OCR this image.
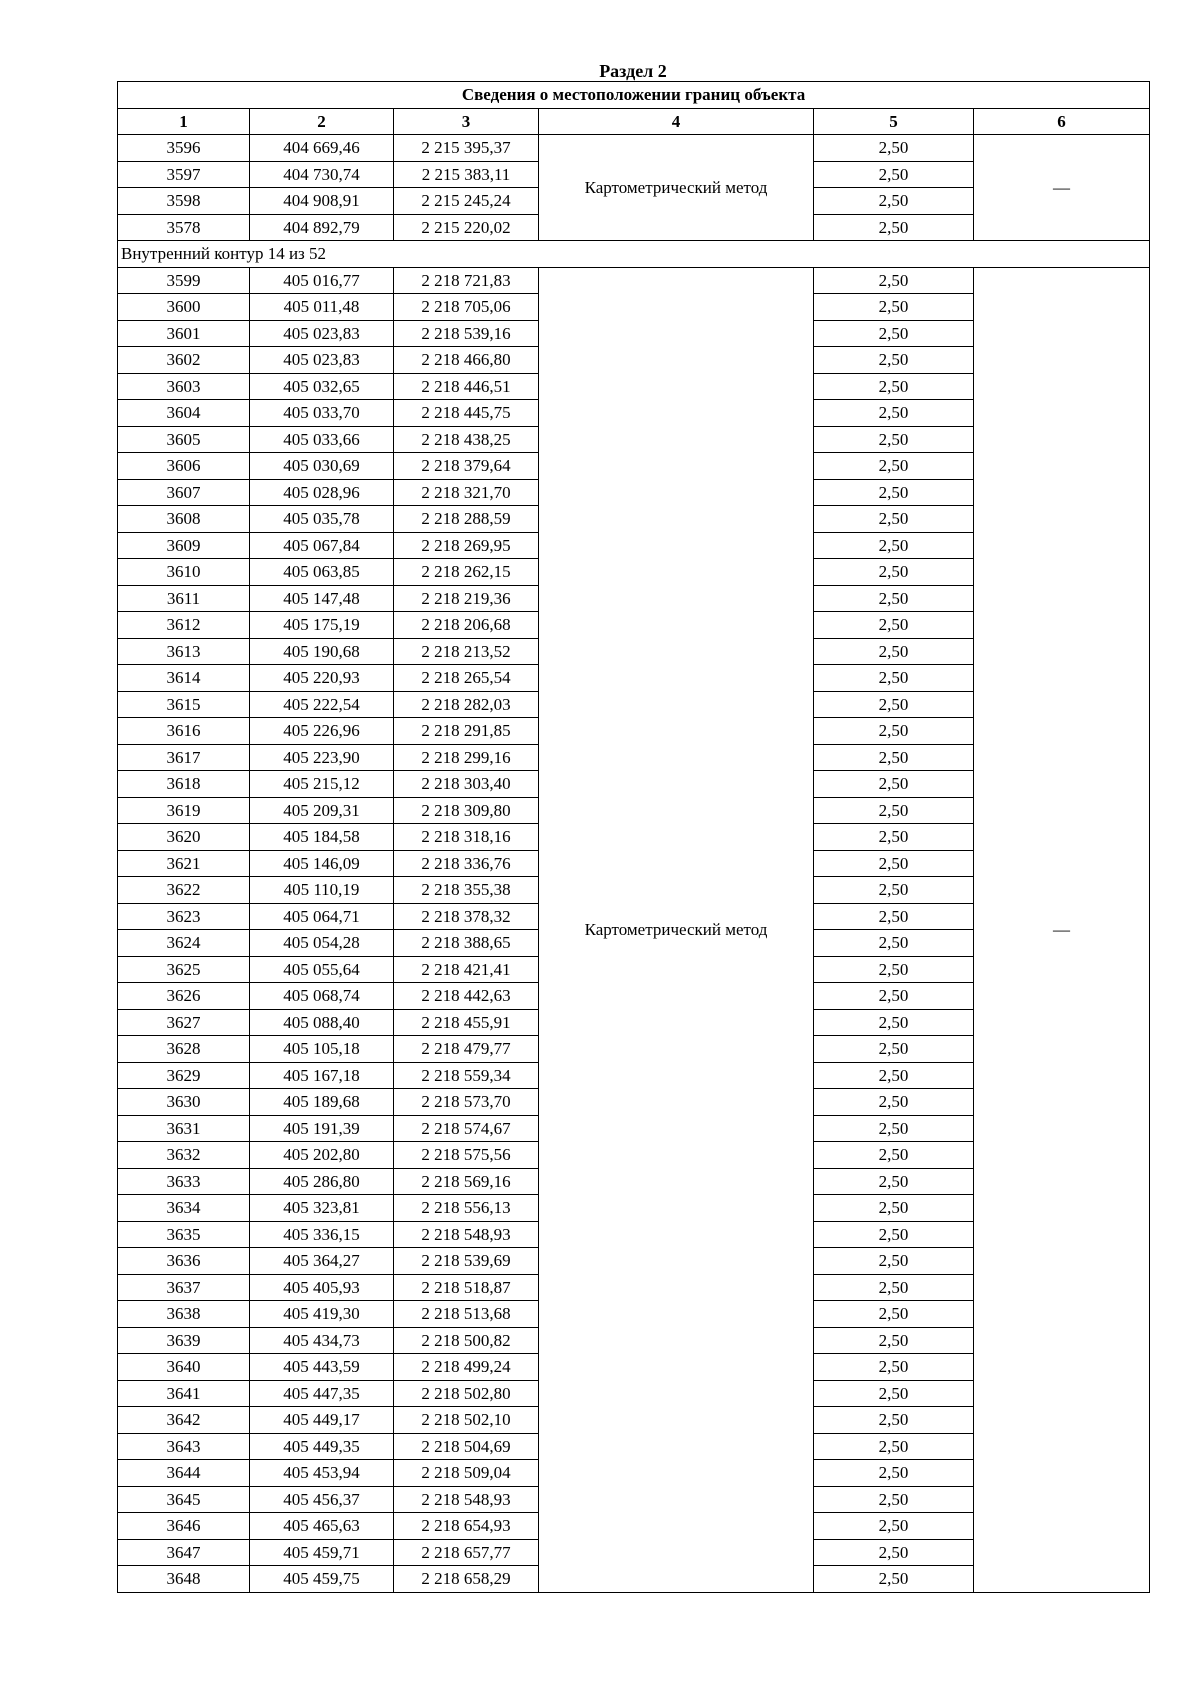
Раздел 2
Сведения о местоположении границ объекта					
1	2	3	4	5	6
3596	404 669,46	2 215 395,37	Картометрический метод	2,50	—
3597	404 730,74	2 215 383,11		2,50	
3598	404 908,91	2 215 245,24		2,50	
3578	404 892,79	2 215 220,02		2,50	
Внутренний контур 14 из 52					
3599	405 016,77	2 218 721,83	Картометрический метод	2,50	—
3600	405 011,48	2 218 705,06		2,50	
3601	405 023,83	2 218 539,16		2,50	
3602	405 023,83	2 218 466,80		2,50	
3603	405 032,65	2 218 446,51		2,50	
3604	405 033,70	2 218 445,75		2,50	
3605	405 033,66	2 218 438,25		2,50	
3606	405 030,69	2 218 379,64		2,50	
3607	405 028,96	2 218 321,70		2,50	
3608	405 035,78	2 218 288,59		2,50	
3609	405 067,84	2 218 269,95		2,50	
3610	405 063,85	2 218 262,15		2,50	
3611	405 147,48	2 218 219,36		2,50	
3612	405 175,19	2 218 206,68		2,50	
3613	405 190,68	2 218 213,52		2,50	
3614	405 220,93	2 218 265,54		2,50	
3615	405 222,54	2 218 282,03		2,50	
3616	405 226,96	2 218 291,85		2,50	
3617	405 223,90	2 218 299,16		2,50	
3618	405 215,12	2 218 303,40		2,50	
3619	405 209,31	2 218 309,80		2,50	
3620	405 184,58	2 218 318,16		2,50	
3621	405 146,09	2 218 336,76		2,50	
3622	405 110,19	2 218 355,38		2,50	
3623	405 064,71	2 218 378,32		2,50	
3624	405 054,28	2 218 388,65		2,50	
3625	405 055,64	2 218 421,41		2,50	
3626	405 068,74	2 218 442,63		2,50	
3627	405 088,40	2 218 455,91		2,50	
3628	405 105,18	2 218 479,77		2,50	
3629	405 167,18	2 218 559,34		2,50	
3630	405 189,68	2 218 573,70		2,50	
3631	405 191,39	2 218 574,67		2,50	
3632	405 202,80	2 218 575,56		2,50	
3633	405 286,80	2 218 569,16		2,50	
3634	405 323,81	2 218 556,13		2,50	
3635	405 336,15	2 218 548,93		2,50	
3636	405 364,27	2 218 539,69		2,50	
3637	405 405,93	2 218 518,87		2,50	
3638	405 419,30	2 218 513,68		2,50	
3639	405 434,73	2 218 500,82		2,50	
3640	405 443,59	2 218 499,24		2,50	
3641	405 447,35	2 218 502,80		2,50	
3642	405 449,17	2 218 502,10		2,50	
3643	405 449,35	2 218 504,69		2,50	
3644	405 453,94	2 218 509,04		2,50	
3645	405 456,37	2 218 548,93		2,50	
3646	405 465,63	2 218 654,93		2,50	
3647	405 459,71	2 218 657,77		2,50	
3648	405 459,75	2 218 658,29		2,50	
